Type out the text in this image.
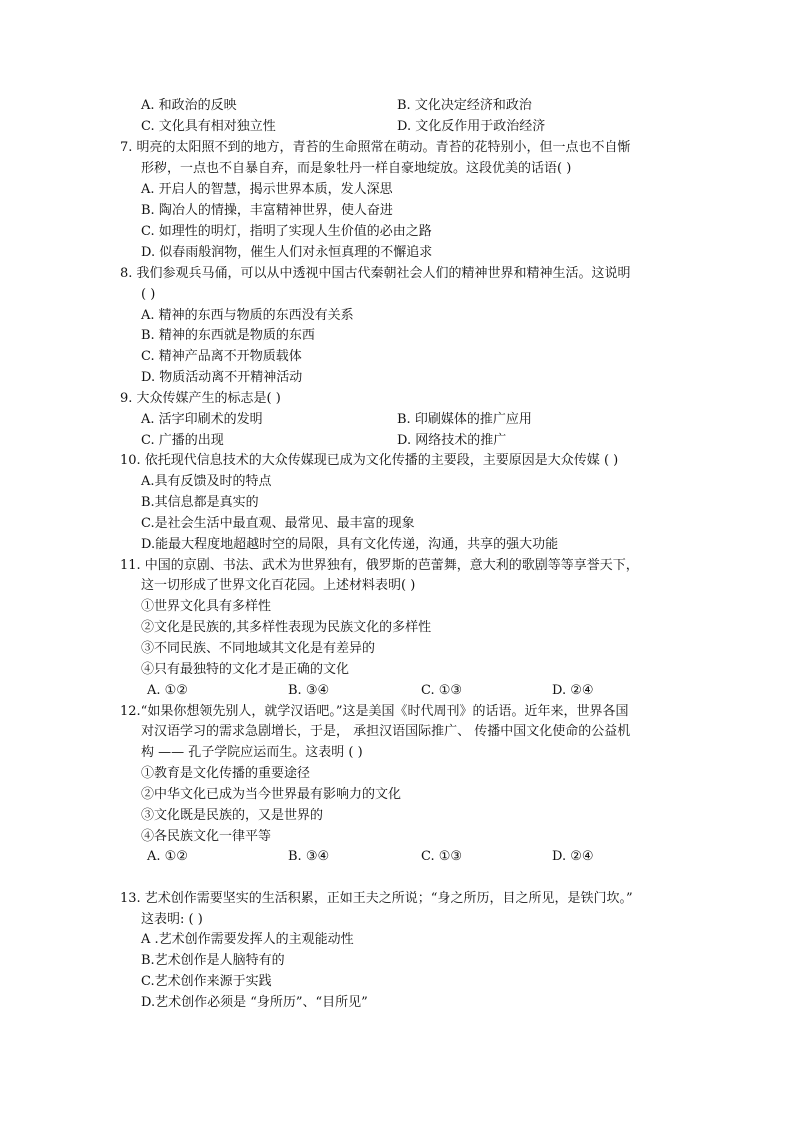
A. 和政治的反映	B. 文化决定经济和政治
C. 文化具有相对独立性	D. 文化反作用于政治经济
7. 明亮的太阳照不到的地方，青苔的生命照常在萌动。青苔的花特别小，但一点也不自惭
形秽，一点也不自暴自弃，而是象牡丹一样自豪地绽放。这段优美的话语( )
A. 开启人的智慧，揭示世界本质，发人深思
B. 陶冶人的情操，丰富精神世界，使人奋进
C. 如理性的明灯，指明了实现人生价值的必由之路
D. 似春雨般润物，催生人们对永恒真理的不懈追求
8. 我们参观兵马俑，可以从中透视中国古代秦朝社会人们的精神世界和精神生活。这说明
( )
A. 精神的东西与物质的东西没有关系
B. 精神的东西就是物质的东西
C. 精神产品离不开物质载体
D. 物质活动离不开精神活动
9. 大众传媒产生的标志是( )
A. 活字印刷术的发明	B. 印刷媒体的推广应用
C. 广播的出现	D. 网络技术的推广
10. 依托现代信息技术的大众传媒现已成为文化传播的主要段，主要原因是大众传媒 ( )
A.具有反馈及时的特点
B.其信息都是真实的
C.是社会生活中最直观、最常见、最丰富的现象
D.能最大程度地超越时空的局限，具有文化传递，沟通，共享的强大功能
11. 中国的京剧、书法、武术为世界独有，俄罗斯的芭蕾舞，意大利的歌剧等等享誉天下，
这一切形成了世界文化百花园。上述材料表明( )
①世界文化具有多样性
②文化是民族的,其多样性表现为民族文化的多样性
③不同民族、不同地域其文化是有差异的
④只有最独特的文化才是正确的文化
A. ①②	B. ③④	C. ①③	D. ②④
12.“如果你想领先别人，就学汉语吧。”这是美国《时代周刊》的话语。近年来，世界各国
对汉语学习的需求急剧增长，于是， 承担汉语国际推广、 传播中国文化使命的公益机
构 —— 孔子学院应运而生。这表明 ( )
①教育是文化传播的重要途径
②中华文化已成为当今世界最有影响力的文化
③文化既是民族的，又是世界的
④各民族文化一律平等
A. ①②	B. ③④	C. ①③	D. ②④
13. 艺术创作需要坚实的生活积累，正如王夫之所说；“身之所历，目之所见，是铁门坎。”
这表明: ( )
A .艺术创作需要发挥人的主观能动性
B.艺术创作是人脑特有的
C.艺术创作来源于实践
D.艺术创作必须是 “身所历”、“目所见”
